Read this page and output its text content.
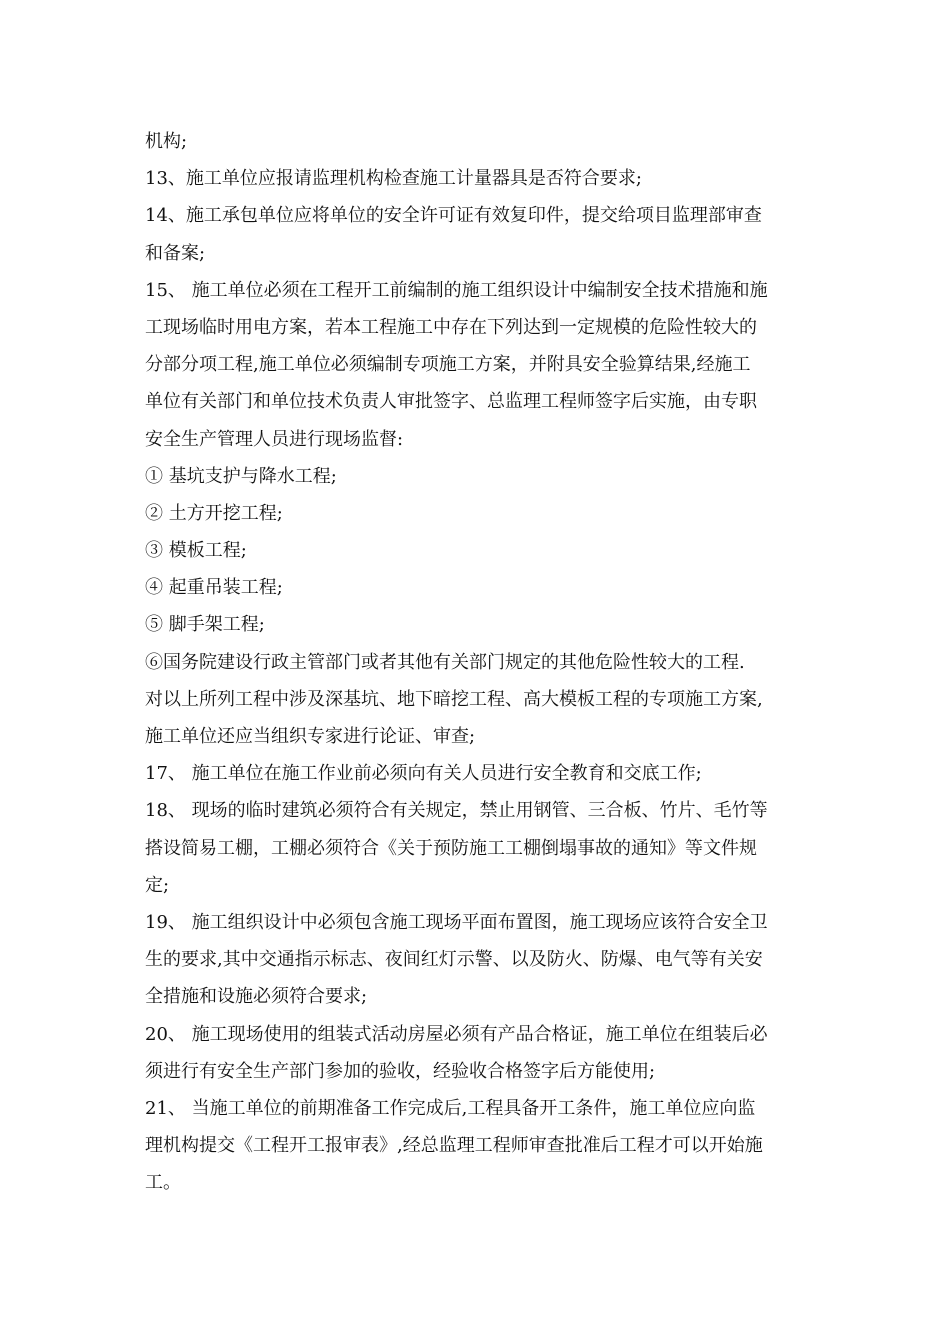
机构;
13、施工单位应报请监理机构检查施工计量器具是否符合要求;
14、施工承包单位应将单位的安全许可证有效复印件，提交给项目监理部审查
和备案;
15、 施工单位必须在工程开工前编制的施工组织设计中编制安全技术措施和施
工现场临时用电方案，若本工程施工中存在下列达到一定规模的危险性较大的
分部分项工程,施工单位必须编制专项施工方案，并附具安全验算结果,经施工
单位有关部门和单位技术负责人审批签字、总监理工程师签字后实施，由专职
安全生产管理人员进行现场监督:
① 基坑支护与降水工程;
② 土方开挖工程;
③ 模板工程;
④ 起重吊装工程;
⑤ 脚手架工程;
⑥国务院建设行政主管部门或者其他有关部门规定的其他危险性较大的工程.
对以上所列工程中涉及深基坑、地下暗挖工程、高大模板工程的专项施工方案,
施工单位还应当组织专家进行论证、审查;
17、 施工单位在施工作业前必须向有关人员进行安全教育和交底工作;
18、 现场的临时建筑必须符合有关规定，禁止用钢管、三合板、竹片、毛竹等
搭设简易工棚，工棚必须符合《关于预防施工工棚倒塌事故的通知》等文件规
定;
19、 施工组织设计中必须包含施工现场平面布置图，施工现场应该符合安全卫
生的要求,其中交通指示标志、夜间红灯示警、以及防火、防爆、电气等有关安
全措施和设施必须符合要求;
20、 施工现场使用的组装式活动房屋必须有产品合格证，施工单位在组装后必
须进行有安全生产部门参加的验收，经验收合格签字后方能使用;
21、 当施工单位的前期准备工作完成后,工程具备开工条件，施工单位应向监
理机构提交《工程开工报审表》,经总监理工程师审查批准后工程才可以开始施
工。
